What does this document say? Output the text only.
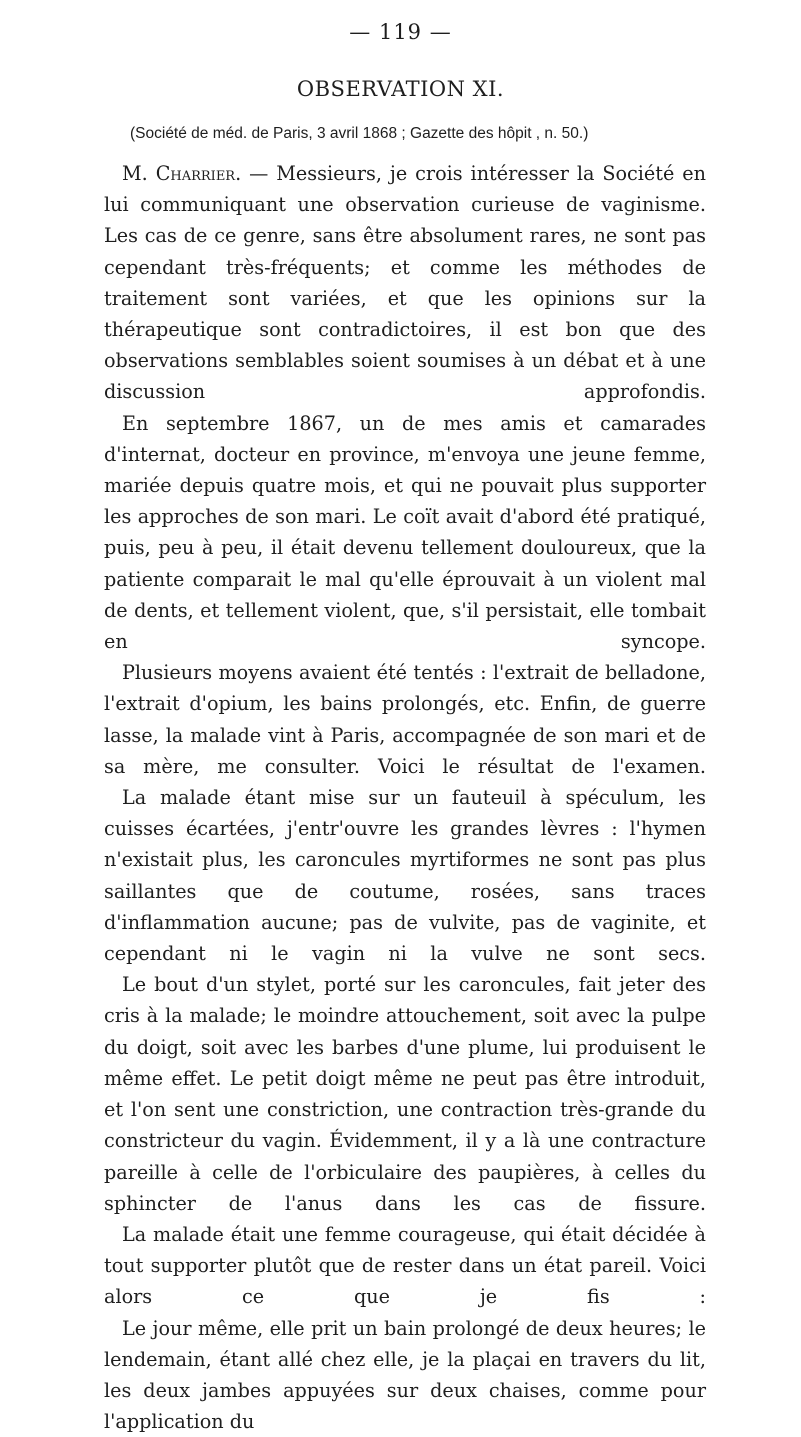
— 119 —
OBSERVATION XI.
(Société de méd. de Paris, 3 avril 1868 ; Gazette des hôpit , n. 50.)

M. Charrier. — Messieurs, je crois intéresser la Société en lui communiquant une observation curieuse de vaginisme. Les cas de ce genre, sans être absolument rares, ne sont pas cependant très-fréquents; et comme les méthodes de traitement sont variées, et que les opinions sur la thérapeutique sont contradictoires, il est bon que des observations semblables soient soumises à un débat et à une discussion approfondis.

En septembre 1867, un de mes amis et camarades d'internat, docteur en province, m'envoya une jeune femme, mariée depuis quatre mois, et qui ne pouvait plus supporter les approches de son mari. Le coït avait d'abord été pratiqué, puis, peu à peu, il était devenu tellement douloureux, que la patiente comparait le mal qu'elle éprouvait à un violent mal de dents, et tellement violent, que, s'il persistait, elle tombait en syncope.

Plusieurs moyens avaient été tentés : l'extrait de belladone, l'extrait d'opium, les bains prolongés, etc. Enfin, de guerre lasse, la malade vint à Paris, accompagnée de son mari et de sa mère, me consulter. Voici le résultat de l'examen.

La malade étant mise sur un fauteuil à spéculum, les cuisses écartées, j'entr'ouvre les grandes lèvres : l'hymen n'existait plus, les caroncules myrtiformes ne sont pas plus saillantes que de coutume, rosées, sans traces d'inflammation aucune; pas de vulvite, pas de vaginite, et cependant ni le vagin ni la vulve ne sont secs.

Le bout d'un stylet, porté sur les caroncules, fait jeter des cris à la malade; le moindre attouchement, soit avec la pulpe du doigt, soit avec les barbes d'une plume, lui produisent le même effet. Le petit doigt même ne peut pas être introduit, et l'on sent une constriction, une contraction très-grande du constricteur du vagin. Évidemment, il y a là une contracture pareille à celle de l'orbiculaire des paupières, à celles du sphincter de l'anus dans les cas de fissure.

La malade était une femme courageuse, qui était décidée à tout supporter plutôt que de rester dans un état pareil. Voici alors ce que je fis :

Le jour même, elle prit un bain prolongé de deux heures; le lendemain, étant allé chez elle, je la plaçai en travers du lit, les deux jambes appuyées sur deux chaises, comme pour l'application du
